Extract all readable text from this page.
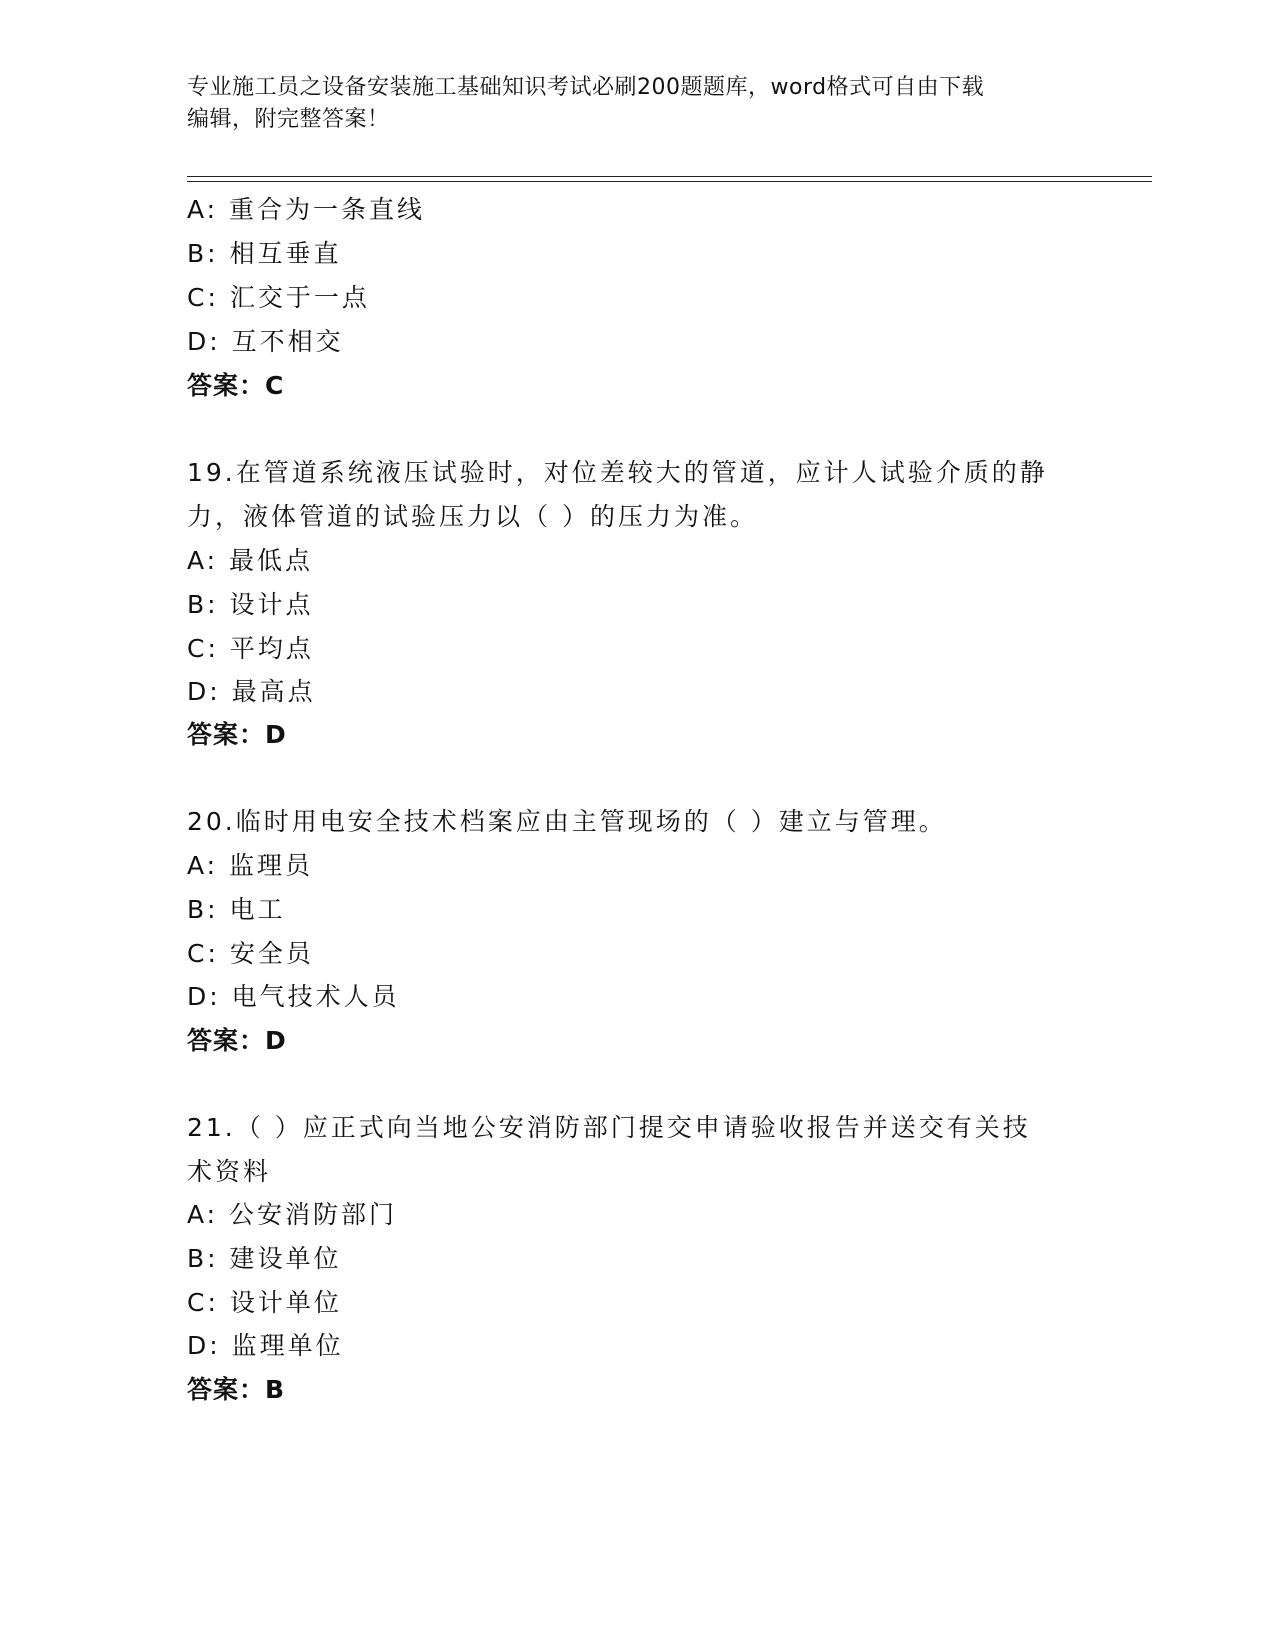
专业施工员之设备安装施工基础知识考试必刷200题题库，word格式可自由下载
编辑，附完整答案！
A: 重合为一条直线
B: 相互垂直
C: 汇交于一点
D: 互不相交
答案：C
19.在管道系统液压试验时，对位差较大的管道，应计人试验介质的静
力，液体管道的试验压力以（ ）的压力为准。
A: 最低点
B: 设计点
C: 平均点
D: 最高点
答案：D
20.临时用电安全技术档案应由主管现场的（ ）建立与管理。
A: 监理员
B: 电工
C: 安全员
D: 电气技术人员
答案：D
21.（ ）应正式向当地公安消防部门提交申请验收报告并送交有关技
术资料
A: 公安消防部门
B: 建设单位
C: 设计单位
D: 监理单位
答案：B
